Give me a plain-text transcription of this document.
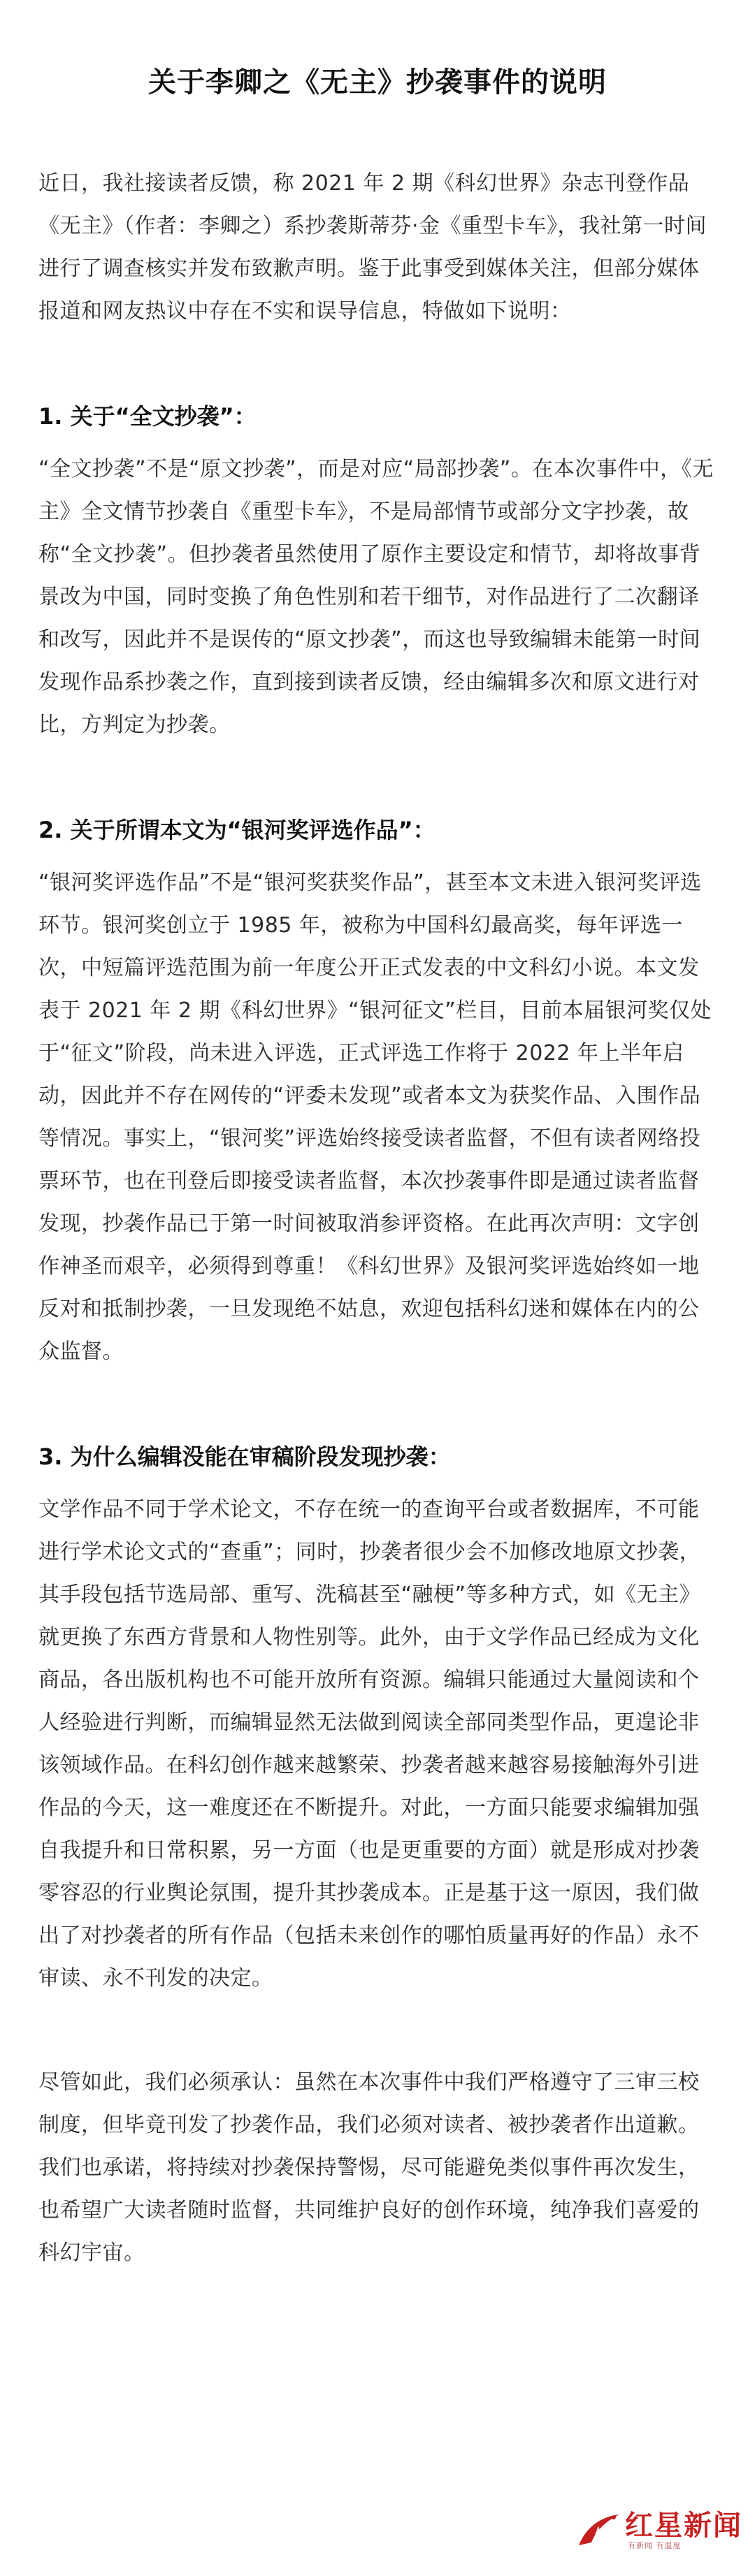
关于李卿之《无主》抄袭事件的说明

近日，我社接读者反馈，称 2021 年 2 期《科幻世界》杂志刊登作品《无主》（作者：李卿之）系抄袭斯蒂芬·金《重型卡车》，我社第一时间进行了调查核实并发布致歉声明。鉴于此事受到媒体关注，但部分媒体报道和网友热议中存在不实和误导信息，特做如下说明：

1. 关于“全文抄袭”：

“全文抄袭”不是“原文抄袭”，而是对应“局部抄袭”。在本次事件中，《无主》全文情节抄袭自《重型卡车》，不是局部情节或部分文字抄袭，故称“全文抄袭”。但抄袭者虽然使用了原作主要设定和情节，却将故事背景改为中国，同时变换了角色性别和若干细节，对作品进行了二次翻译和改写，因此并不是误传的“原文抄袭”，而这也导致编辑未能第一时间发现作品系抄袭之作，直到接到读者反馈，经由编辑多次和原文进行对比，方判定为抄袭。

2. 关于所谓本文为“银河奖评选作品”：

“银河奖评选作品”不是“银河奖获奖作品”，甚至本文未进入银河奖评选环节。银河奖创立于 1985 年，被称为中国科幻最高奖，每年评选一次，中短篇评选范围为前一年度公开正式发表的中文科幻小说。本文发表于 2021 年 2 期《科幻世界》“银河征文”栏目，目前本届银河奖仅处于“征文”阶段，尚未进入评选，正式评选工作将于 2022 年上半年启动，因此并不存在网传的“评委未发现”或者本文为获奖作品、入围作品等情况。事实上，“银河奖”评选始终接受读者监督，不但有读者网络投票环节，也在刊登后即接受读者监督，本次抄袭事件即是通过读者监督发现，抄袭作品已于第一时间被取消参评资格。在此再次声明：文字创作神圣而艰辛，必须得到尊重！《科幻世界》及银河奖评选始终如一地反对和抵制抄袭，一旦发现绝不姑息，欢迎包括科幻迷和媒体在内的公众监督。

3. 为什么编辑没能在审稿阶段发现抄袭：

文学作品不同于学术论文，不存在统一的查询平台或者数据库，不可能进行学术论文式的“查重”；同时，抄袭者很少会不加修改地原文抄袭，其手段包括节选局部、重写、洗稿甚至“融梗”等多种方式，如《无主》就更换了东西方背景和人物性别等。此外，由于文学作品已经成为文化商品，各出版机构也不可能开放所有资源。编辑只能通过大量阅读和个人经验进行判断，而编辑显然无法做到阅读全部同类型作品，更遑论非该领域作品。在科幻创作越来越繁荣、抄袭者越来越容易接触海外引进作品的今天，这一难度还在不断提升。对此，一方面只能要求编辑加强自我提升和日常积累，另一方面（也是更重要的方面）就是形成对抄袭零容忍的行业舆论氛围，提升其抄袭成本。正是基于这一原因，我们做出了对抄袭者的所有作品（包括未来创作的哪怕质量再好的作品）永不审读、永不刊发的决定。

尽管如此，我们必须承认：虽然在本次事件中我们严格遵守了三审三校制度，但毕竟刊发了抄袭作品，我们必须对读者、被抄袭者作出道歉。我们也承诺，将持续对抄袭保持警惕，尽可能避免类似事件再次发生，也希望广大读者随时监督，共同维护良好的创作环境，纯净我们喜爱的科幻宇宙。

红星新闻
有新闻 有温度
